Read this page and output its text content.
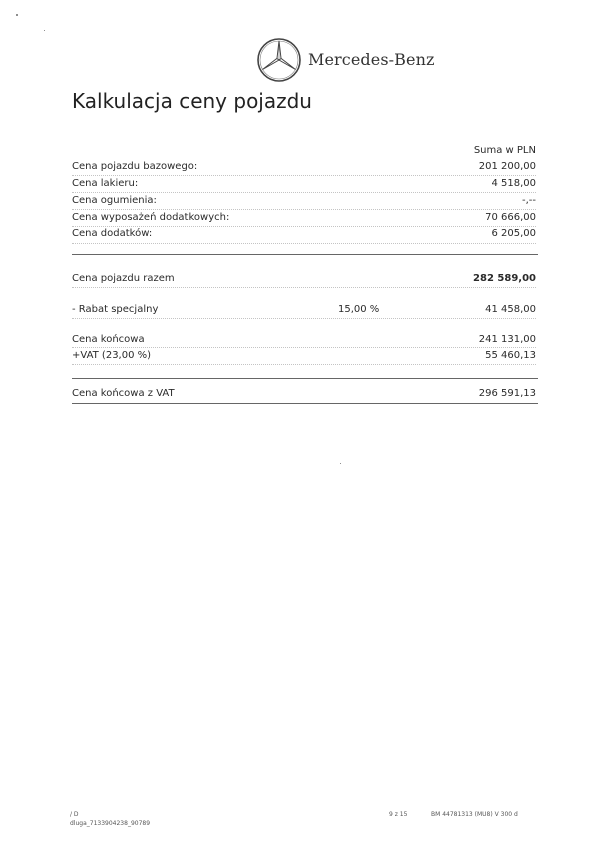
Mercedes-Benz
Kalkulacja ceny pojazdu
Suma w PLN
Cena pojazdu bazowego:	201 200,00
Cena lakieru:	4 518,00
Cena ogumienia:	-,--
Cena wyposażeń dodatkowych:	70 666,00
Cena dodatków:	6 205,00
Cena pojazdu razem	282 589,00
- Rabat specjalny	15,00 %	41 458,00
Cena końcowa	241 131,00
+VAT (23,00 %)	55 460,13
Cena końcowa z VAT	296 591,13
/ D
dluga_7133904238_90789
9 z 15	BM 44781313 (MU8) V 300 d
